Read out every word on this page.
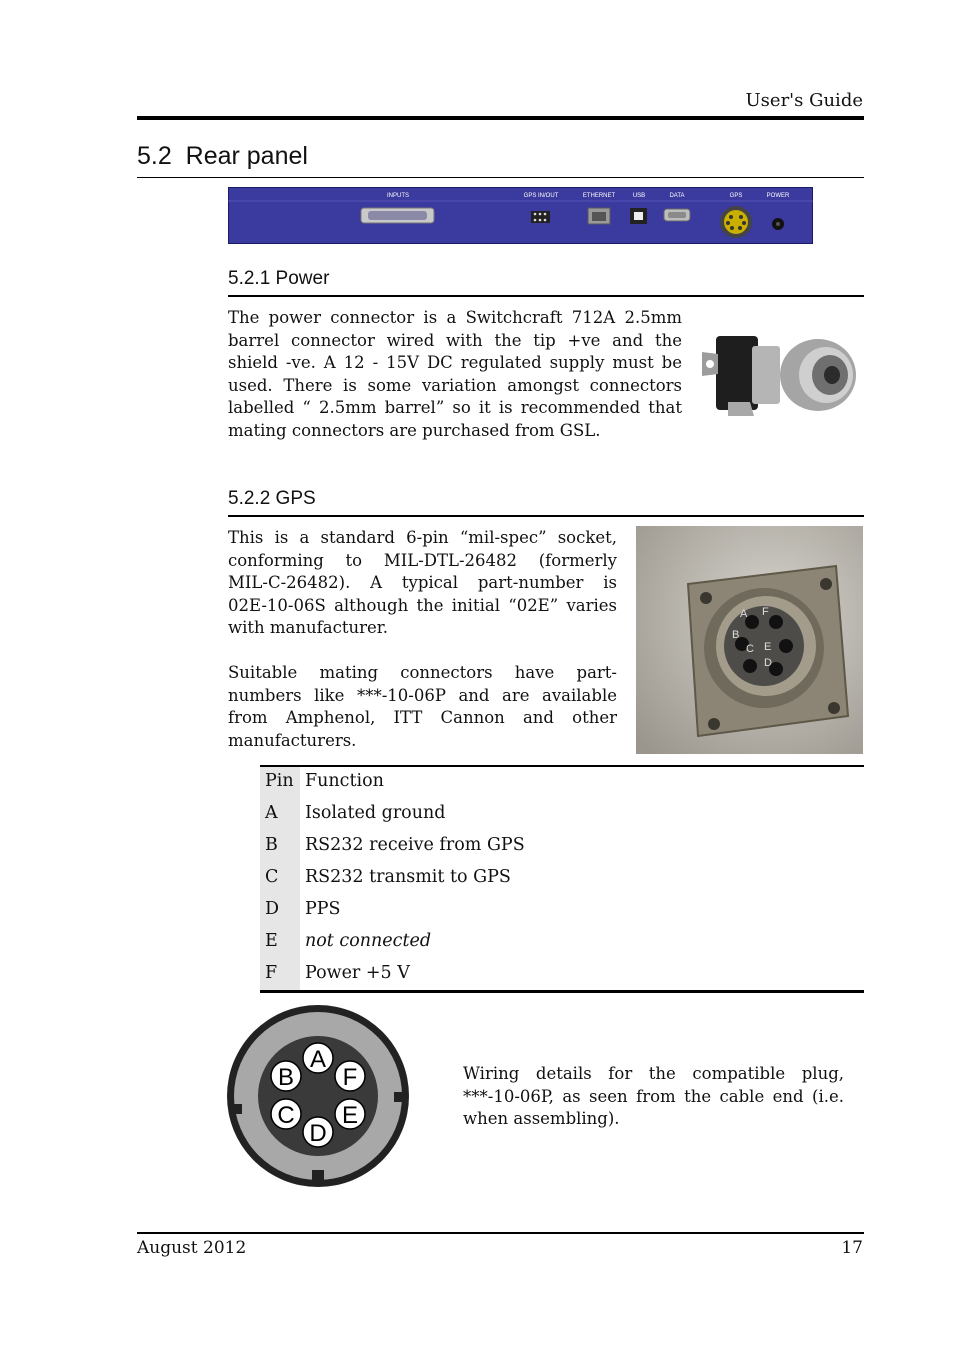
User's Guide
5.2  Rear panel
INPUTS	GPS IN/OUT	ETHERNET	USB	DATA	GPS	POWER
5.2.1 Power
The power connector is a Switchcraft 712A 2.5mm
barrel connector wired with the tip +ve and the
shield -ve. A 12 - 15V DC regulated supply must be
used. There is some variation amongst connectors
labelled “ 2.5mm barrel” so it is recommended that
mating connectors are purchased from GSL.
5.2.2 GPS
This is a standard 6-pin “mil-spec” socket,
conforming to MIL-DTL-26482 (formerly
MIL-C-26482). A typical part-number is
02E-10-06S although the initial “02E” varies
with manufacturer.
Suitable mating connectors have part-
numbers like ***-10-06P and are available
from Amphenol, ITT Cannon and other
manufacturers.
A F
B
E
C
D
Pin Function
A Isolated ground
B RS232 receive from GPS
C RS232 transmit to GPS
D PPS
E not connected
F Power +5 V
A
B F
C E
D
Wiring details for the compatible plug,
***-10-06P, as seen from the cable end (i.e.
when assembling).
August 2012	17
